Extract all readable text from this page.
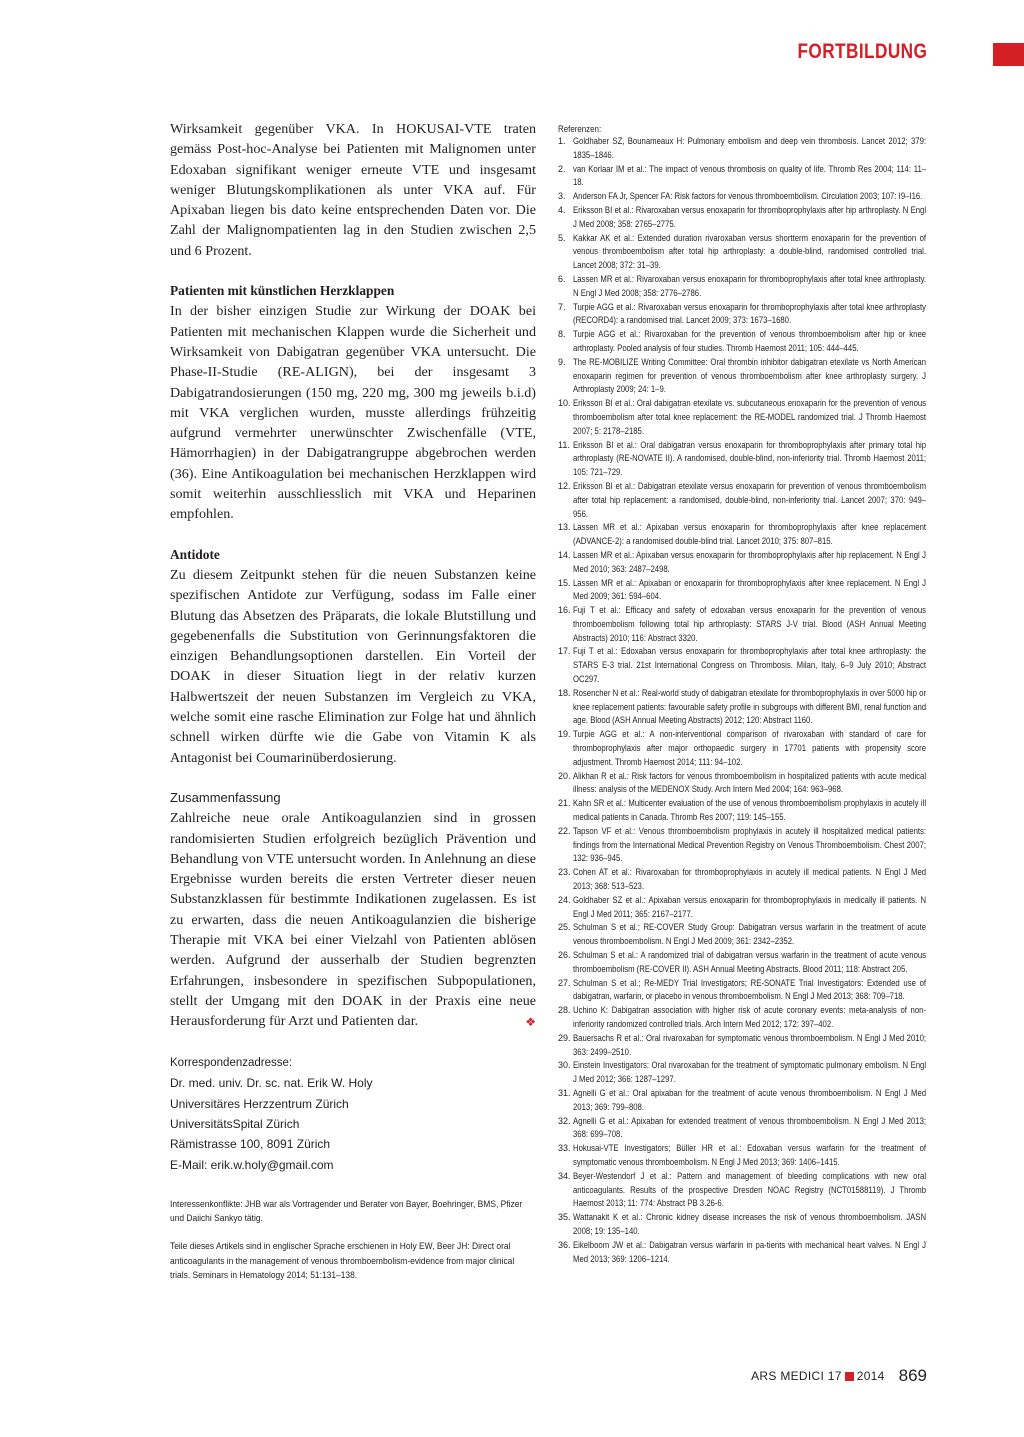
FORTBILDUNG

Wirksamkeit gegenüber VKA. In HOKUSAI-VTE traten gemäss Post-hoc-Analyse bei Patienten mit Malignomen unter Edoxaban signifikant weniger erneute VTE und insgesamt weniger Blutungskomplikationen als unter VKA auf. Für Apixaban liegen bis dato keine entsprechenden Daten vor. Die Zahl der Malignompatienten lag in den Studien zwischen 2,5 und 6 Prozent.

Patienten mit künstlichen Herzklappen

In der bisher einzigen Studie zur Wirkung der DOAK bei Patienten mit mechanischen Klappen wurde die Sicherheit und Wirksamkeit von Dabigatran gegenüber VKA untersucht. Die Phase-II-Studie (RE-ALIGN), bei der insgesamt 3 Dabigatrandosierungen (150 mg, 220 mg, 300 mg jeweils b.i.d) mit VKA verglichen wurden, musste allerdings frühzeitig aufgrund vermehrter unerwünschter Zwischenfälle (VTE, Hämorrhagien) in der Dabigatrangruppe abgebrochen werden (36). Eine Antikoagulation bei mechanischen Herzklappen wird somit weiterhin ausschliesslich mit VKA und Heparinen empfohlen.

Antidote

Zu diesem Zeitpunkt stehen für die neuen Substanzen keine spezifischen Antidote zur Verfügung, sodass im Falle einer Blutung das Absetzen des Präparats, die lokale Blutstillung und gegebenenfalls die Substitution von Gerinnungsfaktoren die einzigen Behandlungsoptionen darstellen. Ein Vorteil der DOAK in dieser Situation liegt in der relativ kurzen Halbwertszeit der neuen Substanzen im Vergleich zu VKA, welche somit eine rasche Elimination zur Folge hat und ähnlich schnell wirken dürfte wie die Gabe von Vitamin K als Antagonist bei Coumarinüberdosierung.

Zusammenfassung

Zahlreiche neue orale Antikoagulanzien sind in grossen randomisierten Studien erfolgreich bezüglich Prävention und Behandlung von VTE untersucht worden. In Anlehnung an diese Ergebnisse wurden bereits die ersten Vertreter dieser neuen Substanzklassen für bestimmte Indikationen zugelassen. Es ist zu erwarten, dass die neuen Antikoagulanzien die bisherige Therapie mit VKA bei einer Vielzahl von Patienten ablösen werden. Aufgrund der ausserhalb der Studien begrenzten Erfahrungen, insbesondere in spezifischen Subpopulationen, stellt der Umgang mit den DOAK in der Praxis eine neue Herausforderung für Arzt und Patienten dar.	❖

Korrespondenzadresse:
Dr. med. univ. Dr. sc. nat. Erik W. Holy
Universitäres Herzzentrum Zürich
UniversitätsSpital Zürich
Rämistrasse 100, 8091 Zürich
E-Mail: erik.w.holy@gmail.com
Interessenkonflikte: JHB war als Vortragender und Berater von Bayer, Boehringer, BMS, Pfizer und Daiichi Sankyo tätig.
Teile dieses Artikels sind in englischer Sprache erschienen in Holy EW, Beer JH: Direct oral anticoagulants in the management of venous thromboembolism-evidence from major clinical trials. Seminars in Hematology 2014; 51:131–138.
Referenzen:
1. Goldhaber SZ, Bounameaux H: Pulmonary embolism and deep vein thrombosis. Lancet 2012; 379: 1835–1846.
2. van Korlaar IM et al.: The impact of venous thrombosis on quality of life. Thromb Res 2004; 114: 11–18.
3. Anderson FA Jr, Spencer FA: Risk factors for venous thromboembolism. Circulation 2003; 107: I9–I16.
4. Eriksson BI et al.: Rivaroxaban versus enoxaparin for thromboprophylaxis after hip arthroplasty. N Engl J Med 2008; 358: 2765–2775.
5. Kakkar AK et al.: Extended duration rivaroxaban versus shortterm enoxaparin for the prevention of venous thromboembolism after total hip arthroplasty: a double-blind, randomised controlled trial. Lancet 2008; 372: 31–39.
6. Lassen MR et al.: Rivaroxaban versus enoxaparin for thromboprophylaxis after total knee arthroplasty. N Engl J Med 2008; 358: 2776–2786.
7. Turpie AGG et al.: Rivaroxaban versus enoxaparin for thromboprophylaxis after total knee arthroplasty (RECORD4): a randomised trial. Lancet 2009; 373: 1673–1680.
8. Turpie AGG et al.: Rivaroxaban for the prevention of venous thromboembolism after hip or knee arthroplasty. Pooled analysis of four studies. Thromb Haemost 2011; 105: 444–445.
9. The RE-MOBILIZE Writing Committee: Oral thrombin inhibitor dabigatran etexilate vs North American enoxaparin regimen for prevention of venous thromboembolism after knee arthroplasty surgery. J Arthroplasty 2009; 24: 1–9.
10. Eriksson BI et al.: Oral dabigatran etexilate vs. subcutaneous enoxaparin for the prevention of venous thromboembolism after total knee replacement: the RE-MODEL randomized trial. J Thromb Haemost 2007; 5: 2178–2185.
11. Eriksson BI et al.: Oral dabigatran versus enoxaparin for thromboprophylaxis after primary total hip arthroplasty (RE-NOVATE II). A randomised, double-blind, non-inferiority trial. Thromb Haemost 2011; 105: 721–729.
12. Eriksson BI et al.: Dabigatran etexilate versus enoxaparin for prevention of venous thromboembolism after total hip replacement: a randomised, double-blind, non-inferiority trial. Lancet 2007; 370: 949–956.
13. Lassen MR et al.: Apixaban versus enoxaparin for thromboprophylaxis after knee replacement (ADVANCE-2): a randomised double-blind trial. Lancet 2010; 375: 807–815.
14. Lassen MR et al.: Apixaban versus enoxaparin for thromboprophylaxis after hip replacement. N Engl J Med 2010; 363: 2487–2498.
15. Lassen MR et al.: Apixaban or enoxaparin for thromboprophylaxis after knee replacement. N Engl J Med 2009; 361: 594–604.
16. Fuji T et al.: Efficacy and safety of edoxaban versus enoxaparin for the prevention of venous thromboembolism following total hip arthroplasty: STARS J-V trial. Blood (ASH Annual Meeting Abstracts) 2010; 116: Abstract 3320.
17. Fuji T et al.: Edoxaban versus enoxaparin for thromboprophylaxis after total knee arthroplasty: the STARS E-3 trial. 21st International Congress on Thrombosis. Milan, Italy, 6–9 July 2010; Abstract OC297.
18. Rosencher N et al.: Real-world study of dabigatran etexilate for thromboprophylaxis in over 5000 hip or knee replacement patients: favourable safety profile in subgroups with different BMI, renal function and age. Blood (ASH Annual Meeting Abstracts) 2012; 120: Abstract 1160.
19. Turpie AGG et al.: A non-interventional comparison of rivaroxaban with standard of care for thromboprophylaxis after major orthopaedic surgery in 17701 patients with propensity score adjustment. Thromb Haemost 2014; 111: 94–102.
20. Alikhan R et al.: Risk factors for venous thromboembolism in hospitalized patients with acute medical illness: analysis of the MEDENOX Study. Arch Intern Med 2004; 164: 963–968.
21. Kahn SR et al.: Multicenter evaluation of the use of venous thromboembolism prophylaxis in acutely ill medical patients in Canada. Thromb Res 2007; 119: 145–155.
22. Tapson VF et al.: Venous thromboembolism prophylaxis in acutely ill hospitalized medical patients: findings from the International Medical Prevention Registry on Venous Thromboembolism. Chest 2007; 132: 936–945.
23. Cohen AT et al.: Rivaroxaban for thromboprophylaxis in acutely ill medical patients. N Engl J Med 2013; 368: 513–523.
24. Goldhaber SZ et al.: Apixaban versus enoxaparin for thromboprophylaxis in medically ill patients. N Engl J Med 2011; 365: 2167–2177.
25. Schulman S et al.; RE-COVER Study Group: Dabigatran versus warfarin in the treatment of acute venous thromboembolism. N Engl J Med 2009; 361: 2342–2352.
26. Schulman S et al.: A randomized trial of dabigatran versus warfarin in the treatment of acute venous thromboembolism (RE-COVER II). ASH Annual Meeting Abstracts. Blood 2011; 118: Abstract 205.
27. Schulman S et al.; Re-MEDY Trial Investigators; RE-SONATE Trial Investigators: Extended use of dabigatran, warfarin, or placebo in venous thromboembolism. N Engl J Med 2013; 368: 709–718.
28. Uchino K: Dabigatran association with higher risk of acute coronary events: meta-analysis of non-inferiority randomized controlled trials. Arch Intern Med 2012; 172: 397–402.
29. Bauersachs R et al.: Oral rivaroxaban for symptomatic venous thromboembolism. N Engl J Med 2010; 363: 2499–2510.
30. Einstein Investigators: Oral rivaroxaban for the treatment of symptomatic pulmonary embolism. N Engl J Med 2012; 366: 1287–1297.
31. Agnelli G et al.: Oral apixaban for the treatment of acute venous thromboembolism. N Engl J Med 2013; 369: 799–808.
32. Agnelli G et al.: Apixaban for extended treatment of venous thromboembolism. N Engl J Med 2013; 368: 699–708.
33. Hokusai-VTE Investigators; Büller HR et al.: Edoxaban versus warfarin for the treatment of symptomatic venous thromboembolism. N Engl J Med 2013; 369: 1406–1415.
34. Beyer-Westendorf J et al.: Pattern and management of bleeding complications with new oral anticoagulants. Results of the prospective Dresden NOAC Registry (NCT01588119). J Thromb Haemost 2013; 11: 774: Abstract PB 3.26-6.
35. Wattanakit K et al.: Chronic kidney disease increases the risk of venous thromboembolism. JASN 2008; 19: 135–140.
36. Eikelboom JW et al.: Dabigatran versus warfarin in pa-tients with mechanical heart valves. N Engl J Med 2013; 369: 1206–1214.
ARS MEDICI 17 2014 869
